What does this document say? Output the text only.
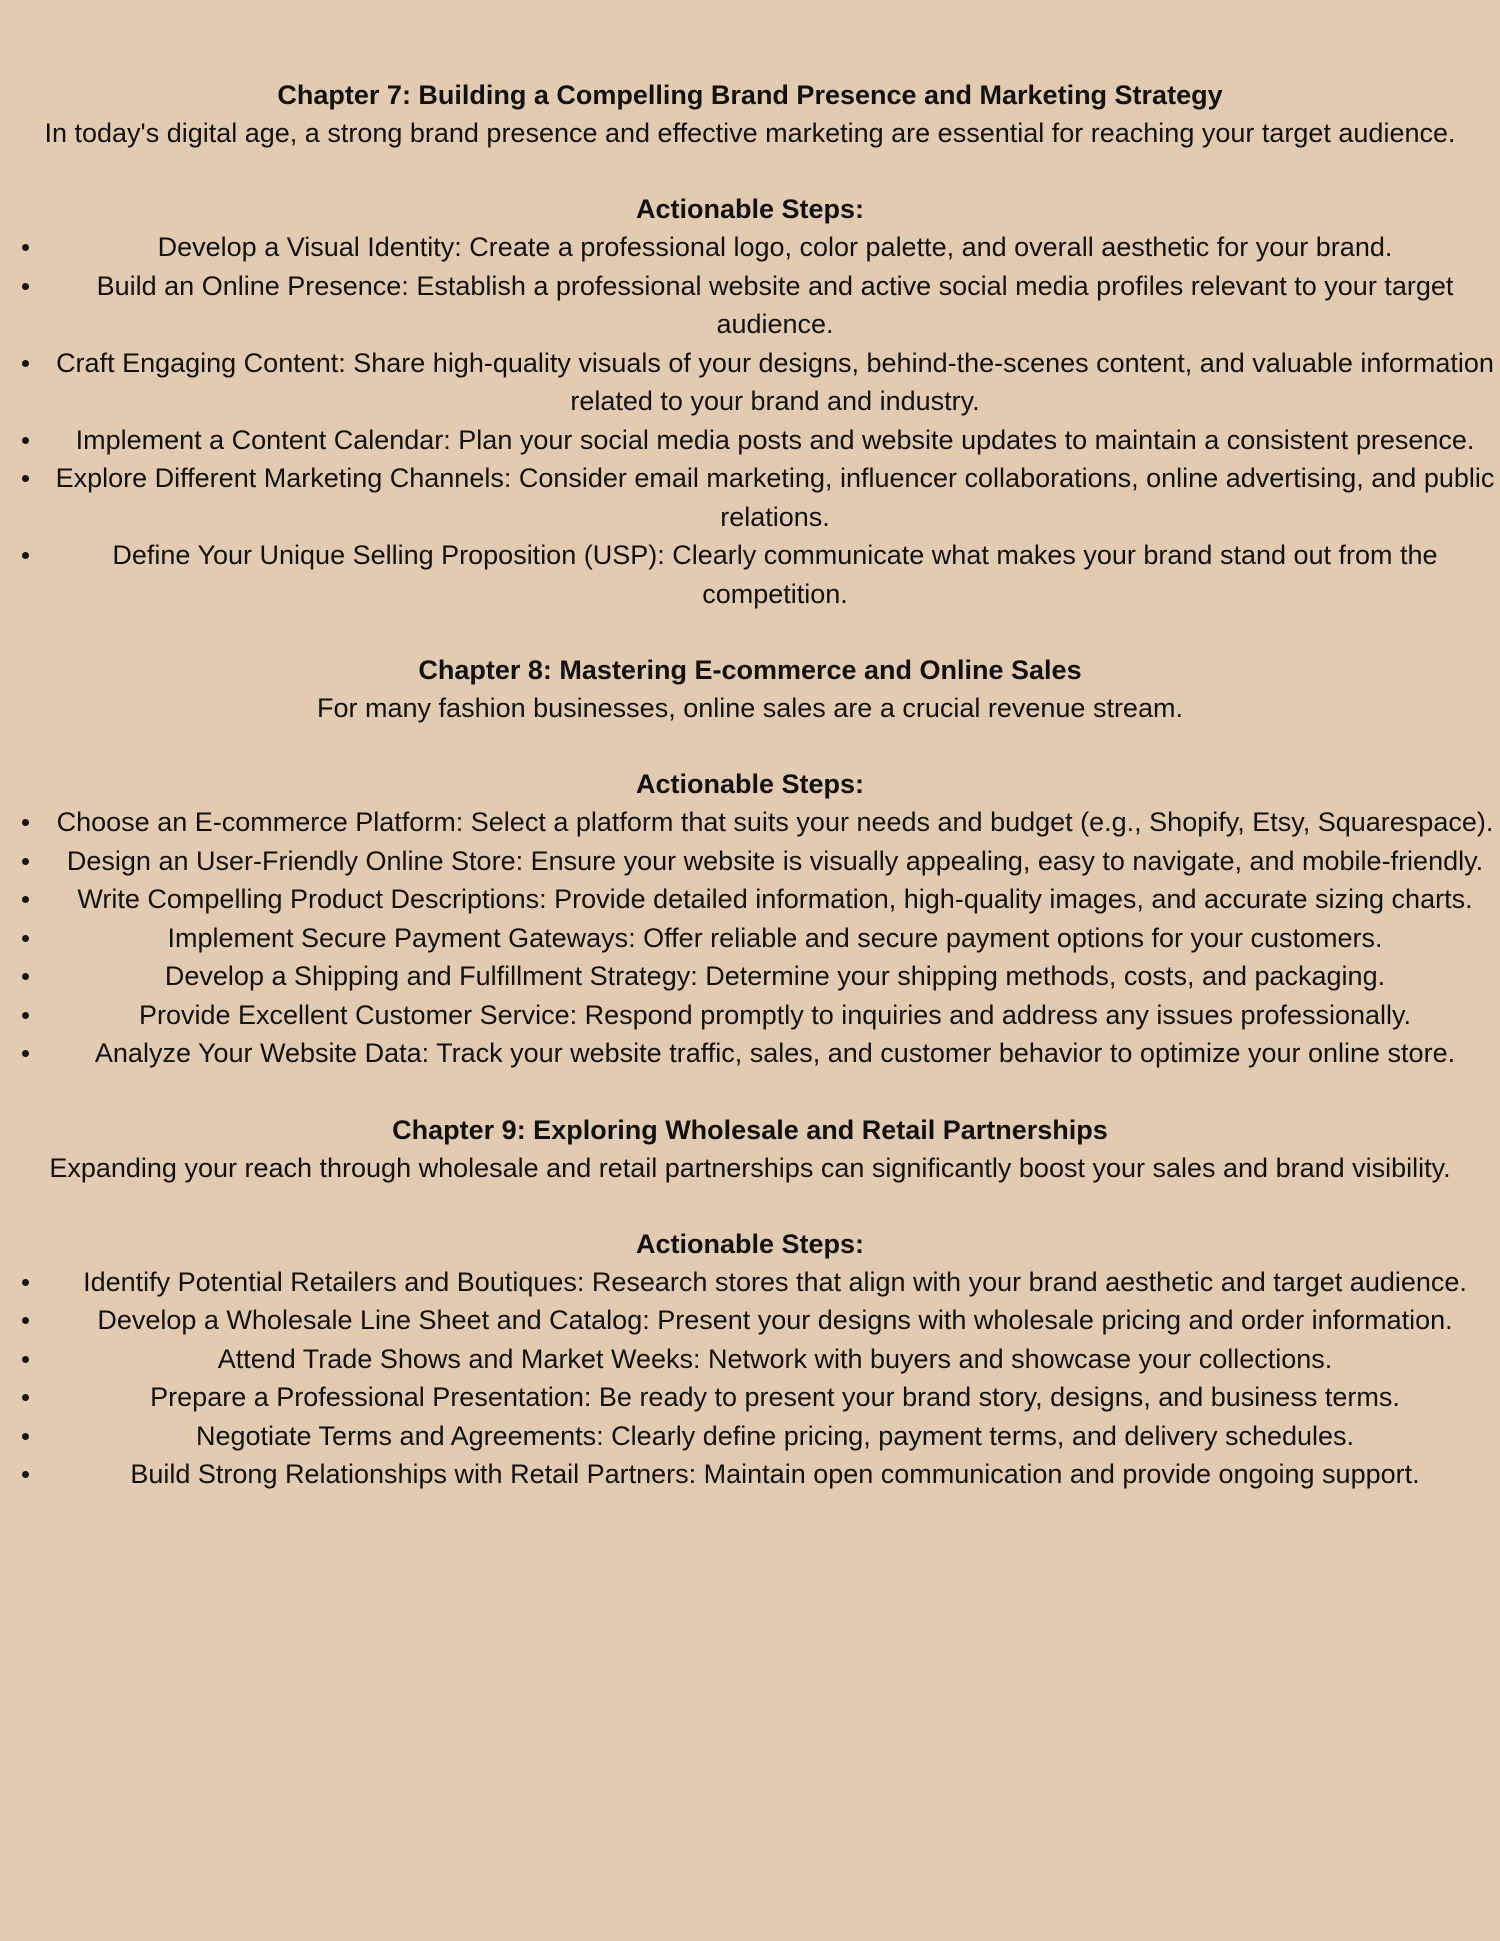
Chapter 7: Building a Compelling Brand Presence and Marketing Strategy

In today's digital age, a strong brand presence and effective marketing are essential for reaching your target audience.

Actionable Steps:
Develop a Visual Identity: Create a professional logo, color palette, and overall aesthetic for your brand.
Build an Online Presence: Establish a professional website and active social media profiles relevant to your target audience.
Craft Engaging Content: Share high-quality visuals of your designs, behind-the-scenes content, and valuable information related to your brand and industry.
Implement a Content Calendar: Plan your social media posts and website updates to maintain a consistent presence.
Explore Different Marketing Channels: Consider email marketing, influencer collaborations, online advertising, and public relations.
Define Your Unique Selling Proposition (USP): Clearly communicate what makes your brand stand out from the competition.
Chapter 8: Mastering E-commerce and Online Sales

For many fashion businesses, online sales are a crucial revenue stream.

Actionable Steps:
Choose an E-commerce Platform: Select a platform that suits your needs and budget (e.g., Shopify, Etsy, Squarespace).
Design an User-Friendly Online Store: Ensure your website is visually appealing, easy to navigate, and mobile-friendly.
Write Compelling Product Descriptions: Provide detailed information, high-quality images, and accurate sizing charts.
Implement Secure Payment Gateways: Offer reliable and secure payment options for your customers.
Develop a Shipping and Fulfillment Strategy: Determine your shipping methods, costs, and packaging.
Provide Excellent Customer Service: Respond promptly to inquiries and address any issues professionally.
Analyze Your Website Data: Track your website traffic, sales, and customer behavior to optimize your online store.
Chapter 9: Exploring Wholesale and Retail Partnerships

Expanding your reach through wholesale and retail partnerships can significantly boost your sales and brand visibility.

Actionable Steps:
Identify Potential Retailers and Boutiques: Research stores that align with your brand aesthetic and target audience.
Develop a Wholesale Line Sheet and Catalog: Present your designs with wholesale pricing and order information.
Attend Trade Shows and Market Weeks: Network with buyers and showcase your collections.
Prepare a Professional Presentation: Be ready to present your brand story, designs, and business terms.
Negotiate Terms and Agreements: Clearly define pricing, payment terms, and delivery schedules.
Build Strong Relationships with Retail Partners: Maintain open communication and provide ongoing support.
